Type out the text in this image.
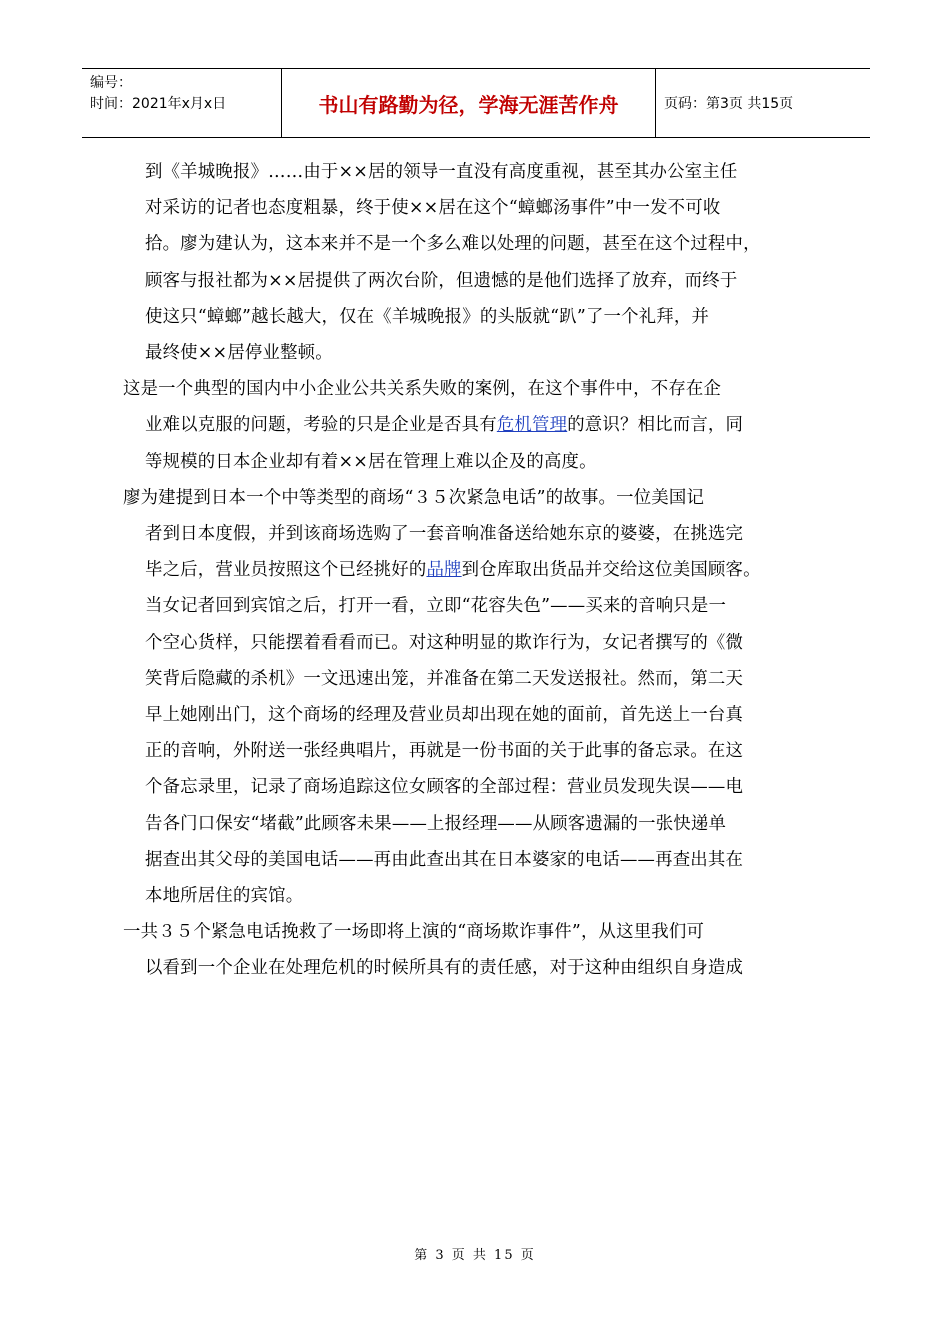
编号：
时间：2021年x月x日	书山有路勤为径，学海无涯苦作舟	页码：第3页 共15页

到《羊城晚报》……由于××居的领导一直没有高度重视，甚至其办公室主任
对采访的记者也态度粗暴，终于使××居在这个“蟑螂汤事件”中一发不可收
拾。廖为建认为，这本来并不是一个多么难以处理的问题，甚至在这个过程中，
顾客与报社都为××居提供了两次台阶，但遗憾的是他们选择了放弃，而终于
使这只“蟑螂”越长越大，仅在《羊城晚报》的头版就“趴”了一个礼拜，并
最终使××居停业整顿。

这是一个典型的国内中小企业公共关系失败的案例，在这个事件中，不存在企
业难以克服的问题，考验的只是企业是否具有危机管理的意识？相比而言，同
等规模的日本企业却有着××居在管理上难以企及的高度。

廖为建提到日本一个中等类型的商场“３５次紧急电话”的故事。一位美国记
者到日本度假，并到该商场选购了一套音响准备送给她东京的婆婆，在挑选完
毕之后，营业员按照这个已经挑好的品牌到仓库取出货品并交给这位美国顾客。
当女记者回到宾馆之后，打开一看，立即“花容失色”——买来的音响只是一
个空心货样，只能摆着看看而已。对这种明显的欺诈行为，女记者撰写的《微
笑背后隐藏的杀机》一文迅速出笼，并准备在第二天发送报社。然而，第二天
早上她刚出门，这个商场的经理及营业员却出现在她的面前，首先送上一台真
正的音响，外附送一张经典唱片，再就是一份书面的关于此事的备忘录。在这
个备忘录里，记录了商场追踪这位女顾客的全部过程：营业员发现失误——电
告各门口保安“堵截”此顾客未果——上报经理——从顾客遗漏的一张快递单
据查出其父母的美国电话——再由此查出其在日本婆家的电话——再查出其在
本地所居住的宾馆。

一共３５个紧急电话挽救了一场即将上演的“商场欺诈事件”，从这里我们可
以看到一个企业在处理危机的时候所具有的责任感，对于这种由组织自身造成

第 3 页 共 15 页
